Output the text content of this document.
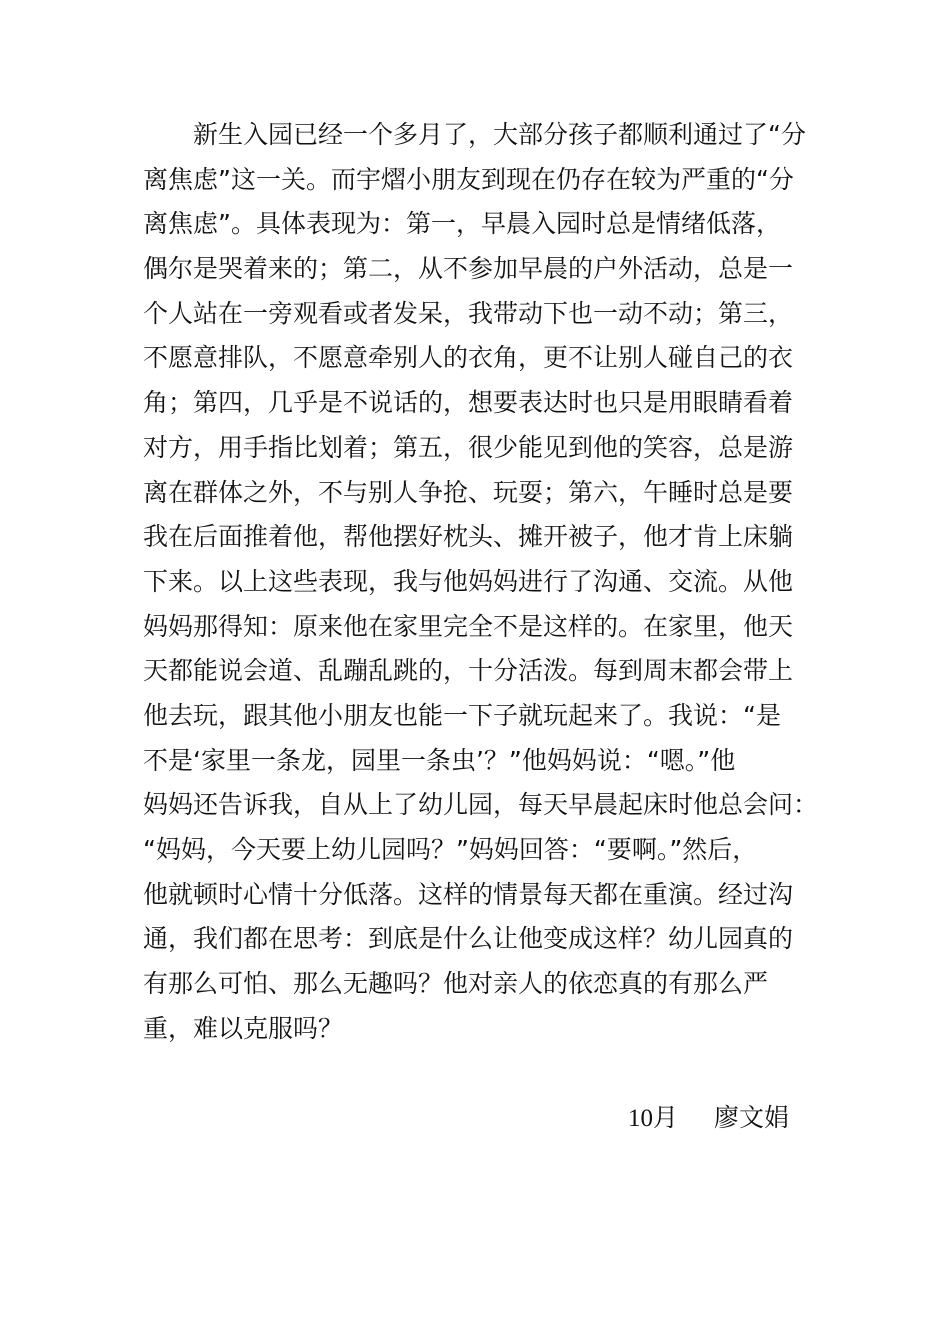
　　新生入园已经一个多月了，大部分孩子都顺利通过了“分
离焦虑”这一关。而宇熠小朋友到现在仍存在较为严重的“分
离焦虑”。具体表现为：第一，早晨入园时总是情绪低落，
偶尔是哭着来的；第二，从不参加早晨的户外活动，总是一
个人站在一旁观看或者发呆，我带动下也一动不动；第三，
不愿意排队，不愿意牵别人的衣角，更不让别人碰自己的衣
角；第四，几乎是不说话的，想要表达时也只是用眼睛看着
对方，用手指比划着；第五，很少能见到他的笑容，总是游
离在群体之外，不与别人争抢、玩耍；第六，午睡时总是要
我在后面推着他，帮他摆好枕头、摊开被子，他才肯上床躺
下来。以上这些表现，我与他妈妈进行了沟通、交流。从他
妈妈那得知：原来他在家里完全不是这样的。在家里，他天
天都能说会道、乱蹦乱跳的，十分活泼。每到周末都会带上
他去玩，跟其他小朋友也能一下子就玩起来了。我说：“是
不是‘家里一条龙，园里一条虫’？”他妈妈说：“嗯。”他
妈妈还告诉我，自从上了幼儿园，每天早晨起床时他总会问：
“妈妈，今天要上幼儿园吗？”妈妈回答：“要啊。”然后，
他就顿时心情十分低落。这样的情景每天都在重演。经过沟
通，我们都在思考：到底是什么让他变成这样？幼儿园真的
有那么可怕、那么无趣吗？他对亲人的依恋真的有那么严
重，难以克服吗？
10月 廖文娟
